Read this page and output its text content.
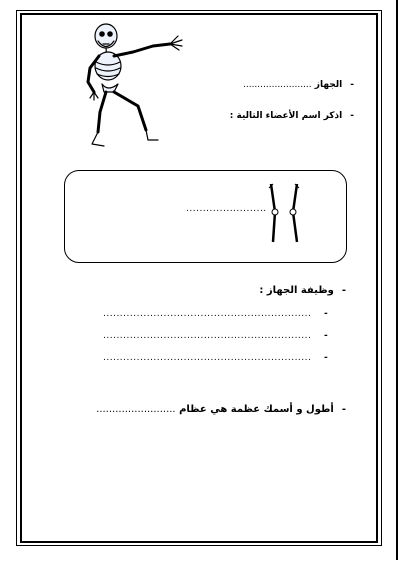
-الجهاز ........................
-اذكر اسم الأعضاء التالية :
........................
-وظيفة الجهاز :
.............................................................. -
.............................................................. -
.............................................................. -
-أطول و أسمك عظمة هي عظام .........................
